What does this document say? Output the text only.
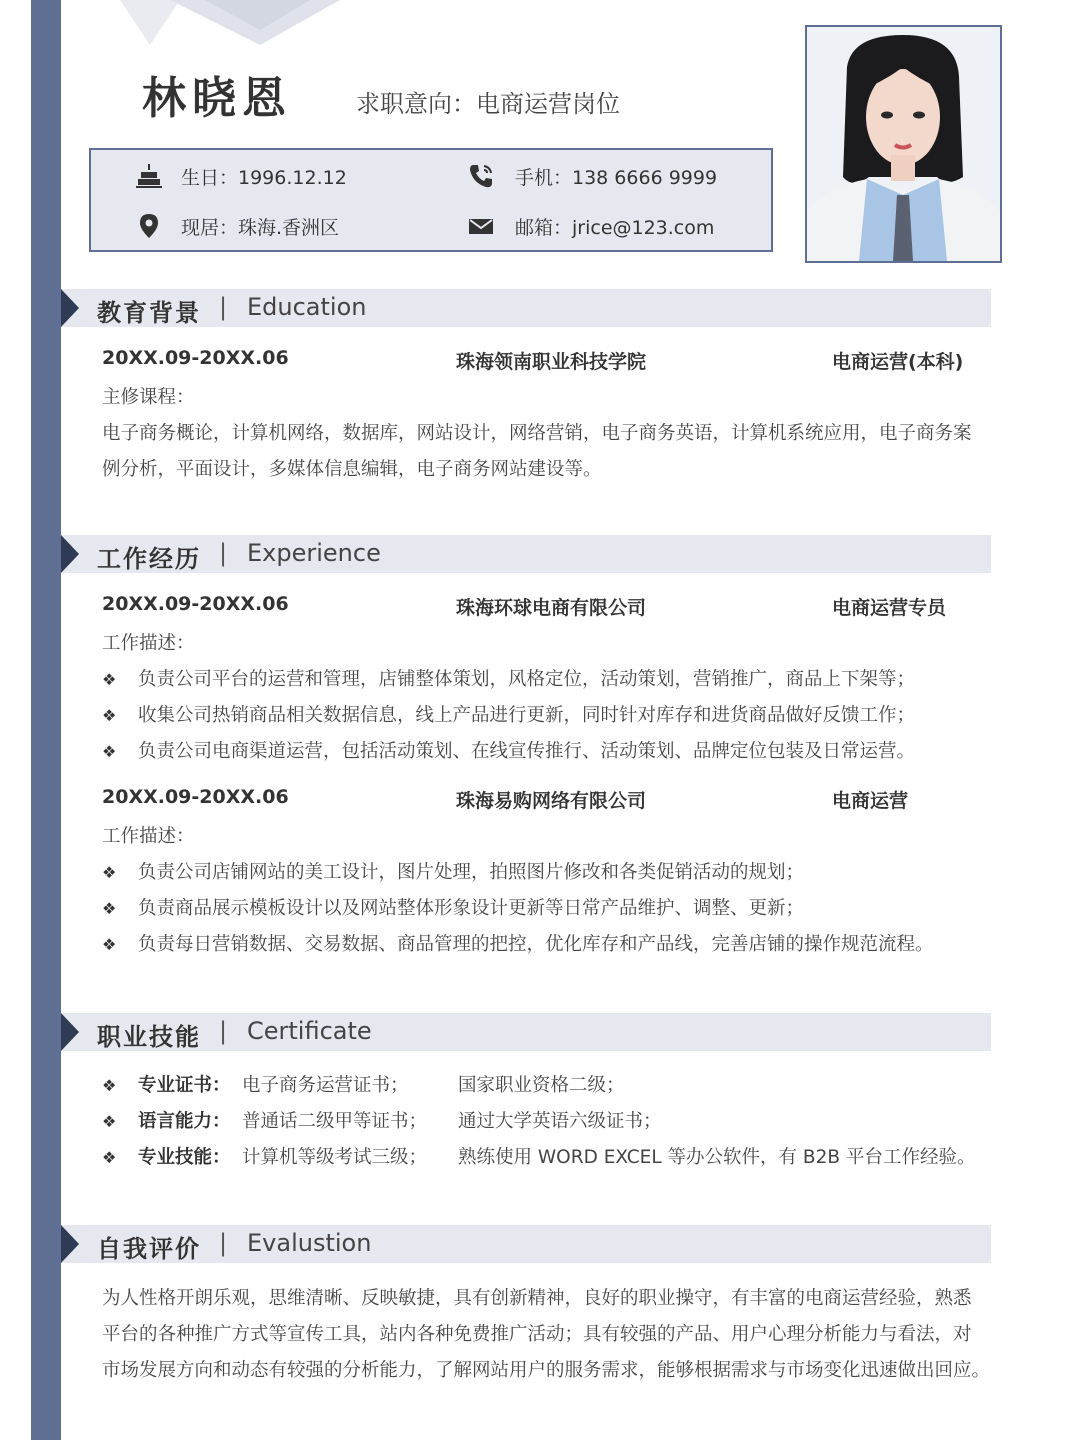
林晓恩	求职意向：电商运营岗位
生日：1996.12.12	手机：138 6666 9999
现居：珠海.香洲区	邮箱：jrice@123.com
教育背景 | Education
20XX.09-20XX.06	珠海领南职业科技学院	电商运营(本科)
主修课程：
电子商务概论，计算机网络，数据库，网站设计，网络营销，电子商务英语，计算机系统应用，电子商务案
例分析，平面设计，多媒体信息编辑，电子商务网站建设等。
工作经历 | Experience
20XX.09-20XX.06	珠海环球电商有限公司	电商运营专员
工作描述：
❖ 负责公司平台的运营和管理，店铺整体策划，风格定位，活动策划，营销推广，商品上下架等；
❖ 收集公司热销商品相关数据信息，线上产品进行更新，同时针对库存和进货商品做好反馈工作；
❖ 负责公司电商渠道运营，包括活动策划、在线宣传推行、活动策划、品牌定位包装及日常运营。
20XX.09-20XX.06	珠海易购网络有限公司	电商运营
工作描述：
❖ 负责公司店铺网站的美工设计，图片处理，拍照图片修改和各类促销活动的规划；
❖ 负责商品展示模板设计以及网站整体形象设计更新等日常产品维护、调整、更新；
❖ 负责每日营销数据、交易数据、商品管理的把控，优化库存和产品线，完善店铺的操作规范流程。
职业技能 | Certificate
❖ 专业证书： 电子商务运营证书；	国家职业资格二级；
❖ 语言能力： 普通话二级甲等证书； 通过大学英语六级证书；
❖ 专业技能： 计算机等级考试三级； 熟练使用 WORD EXCEL 等办公软件，有 B2B 平台工作经验。
自我评价 | Evalustion
为人性格开朗乐观，思维清晰、反映敏捷，具有创新精神，良好的职业操守，有丰富的电商运营经验，熟悉
平台的各种推广方式等宣传工具，站内各种免费推广活动；具有较强的产品、用户心理分析能力与看法，对
市场发展方向和动态有较强的分析能力，了解网站用户的服务需求，能够根据需求与市场变化迅速做出回应。
